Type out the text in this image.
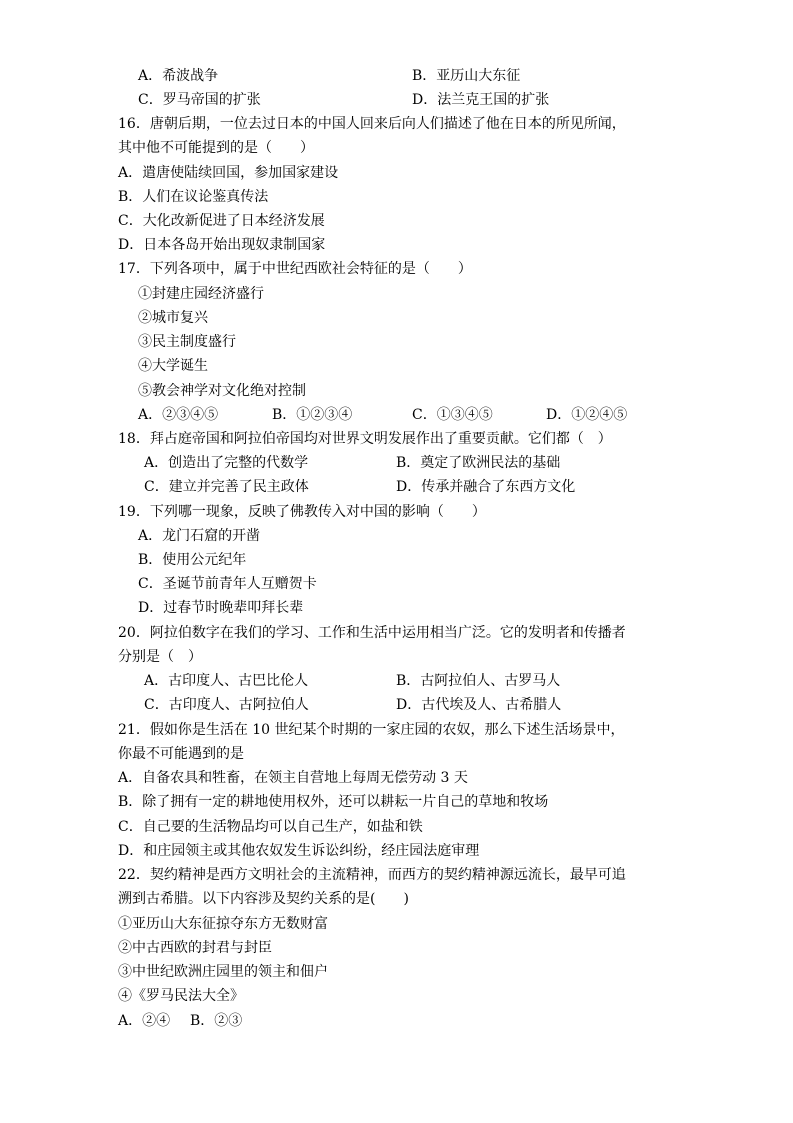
A．希波战争	B．亚历山大东征
C．罗马帝国的扩张	D．法兰克王国的扩张
16．唐朝后期，一位去过日本的中国人回来后向人们描述了他在日本的所见所闻，
其中他不可能提到的是（　　）
A．遣唐使陆续回国，参加国家建设
B．人们在议论鉴真传法
C．大化改新促进了日本经济发展
D．日本各岛开始出现奴隶制国家
17．下列各项中，属于中世纪西欧社会特征的是（　　）
①封建庄园经济盛行
②城市复兴
③民主制度盛行
④大学诞生
⑤教会神学对文化绝对控制
A．②③④⑤	B．①②③④	C．①③④⑤	D．①②④⑤
18．拜占庭帝国和阿拉伯帝国均对世界文明发展作出了重要贡献。它们都（　）
A．创造出了完整的代数学	B．奠定了欧洲民法的基础
C．建立并完善了民主政体	D．传承并融合了东西方文化
19．下列哪一现象，反映了佛教传入对中国的影响（　　）
A．龙门石窟的开凿
B．使用公元纪年
C．圣诞节前青年人互赠贺卡
D．过春节时晚辈叩拜长辈
20．阿拉伯数字在我们的学习、工作和生活中运用相当广泛。它的发明者和传播者
分别是（　）
A．古印度人、古巴比伦人	B．古阿拉伯人、古罗马人
C．古印度人、古阿拉伯人	D．古代埃及人、古希腊人
21．假如你是生活在 10 世纪某个时期的一家庄园的农奴，那么下述生活场景中，
你最不可能遇到的是
A．自备农具和牲畜，在领主自营地上每周无偿劳动 3 天
B．除了拥有一定的耕地使用权外，还可以耕耘一片自己的草地和牧场
C．自己要的生活物品均可以自己生产，如盐和铁
D．和庄园领主或其他农奴发生诉讼纠纷，经庄园法庭审理
22．契约精神是西方文明社会的主流精神，而西方的契约精神源远流长，最早可追
溯到古希腊。以下内容涉及契约关系的是(　　)
①亚历山大东征掠夺东方无数财富
②中古西欧的封君与封臣
③中世纪欧洲庄园里的领主和佃户
④《罗马民法大全》
A．②④ B．②③
